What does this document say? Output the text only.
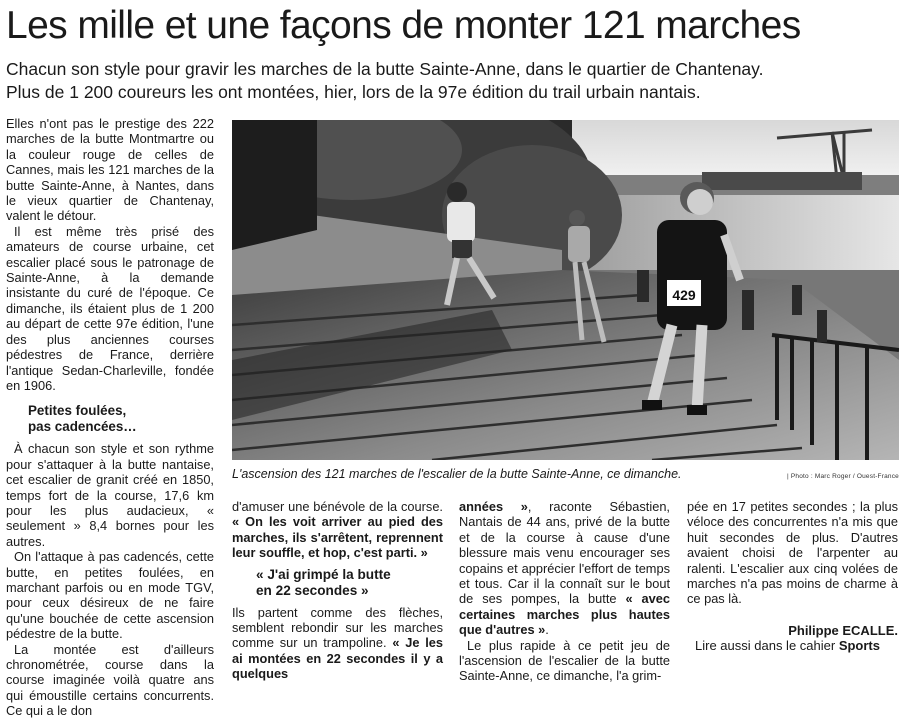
Les mille et une façons de monter 121 marches
Chacun son style pour gravir les marches de la butte Sainte-Anne, dans le quartier de Chantenay.
Plus de 1 200 coureurs les ont montées, hier, lors de la 97e édition du trail urbain nantais.

Elles n'ont pas le prestige des 222 marches de la butte Montmartre ou la couleur rouge de celles de Cannes, mais les 121 marches de la butte Sainte-Anne, à Nantes, dans le vieux quartier de Chantenay, valent le détour.

Il est même très prisé des amateurs de course urbaine, cet escalier placé sous le patronage de Sainte-Anne, à la demande insistante du curé de l'époque. Ce dimanche, ils étaient plus de 1 200 au départ de cette 97e édition, l'une des plus anciennes courses pédestres de France, derrière l'antique Sedan-Charleville, fondée en 1906.

Petites foulées,
pas cadencées…

À chacun son style et son rythme pour s'attaquer à la butte nantaise, cet escalier de granit créé en 1850, temps fort de la course, 17,6 km pour les plus audacieux, « seulement » 8,4 bornes pour les autres.

On l'attaque à pas cadencés, cette butte, en petites foulées, en marchant parfois ou en mode TGV, pour ceux désireux de ne faire qu'une bouchée de cette ascension pédestre de la butte.

La montée est d'ailleurs chronométrée, course dans la course imaginée voilà quatre ans qui émoustille certains concurrents. Ce qui a le don

429
L'ascension des 121 marches de l'escalier de la butte Sainte-Anne, ce dimanche.	| Photo : Marc Roger / Ouest-France

d'amuser une bénévole de la course. « On les voit arriver au pied des marches, ils s'arrêtent, reprennent leur souffle, et hop, c'est parti. »

« J'ai grimpé la butte
en 22 secondes »

Ils partent comme des flèches, semblent rebondir sur les marches comme sur un trampoline. « Je les ai montées en 22 secondes il y a quelques

années », raconte Sébastien, Nantais de 44 ans, privé de la butte et de la course à cause d'une blessure mais venu encourager ses copains et apprécier l'effort de temps et tous. Car il la connaît sur le bout de ses pompes, la butte « avec certaines marches plus hautes que d'autres ».

Le plus rapide à ce petit jeu de l'ascension de l'escalier de la butte Sainte-Anne, ce dimanche, l'a grim-

pée en 17 petites secondes ; la plus véloce des concurrentes n'a mis que huit secondes de plus. D'autres avaient choisi de l'arpenter au ralenti. L'escalier aux cinq volées de marches n'a pas moins de charme à ce pas là.

Philippe ECALLE.

Lire aussi dans le cahier Sports
